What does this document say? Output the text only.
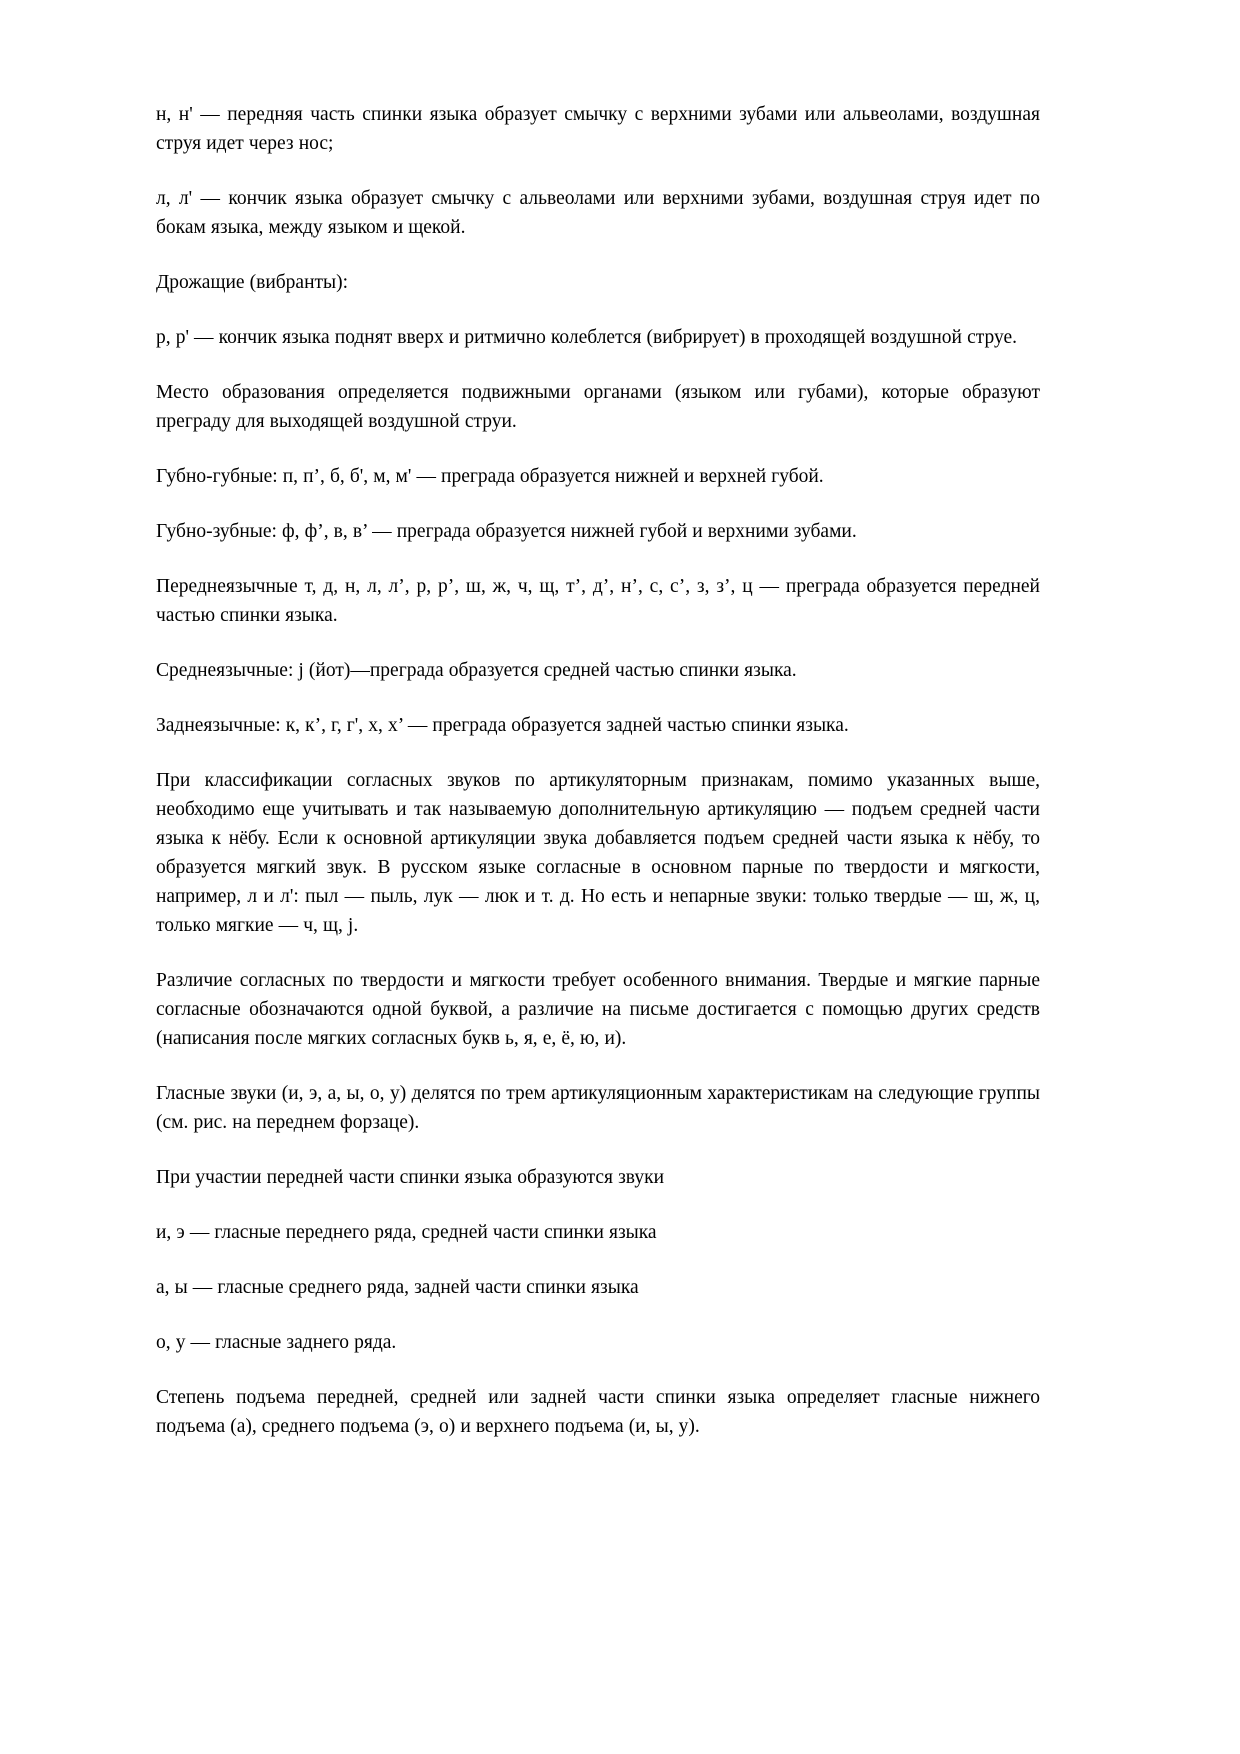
н, н' — передняя часть спинки языка образует смычку с верхними зубами или альвеолами, воздушная струя идет через нос;

л, л' — кончик языка образует смычку с альвеолами или верхними зубами, воздушная струя идет по бокам языка, между языком и щекой.

Дрожащие (вибранты):

р, р' — кончик языка поднят вверх и ритмично колеблется (вибрирует) в проходящей воздушной струе.

Место образования определяется подвижными органами (языком или губами), которые образуют преграду для выходящей воздушной струи.

Губно-губные: п, п’, б, б', м, м' — преграда образуется нижней и верхней губой.

Губно-зубные: ф, ф’, в, в’ — преграда образуется нижней губой и верхними зубами.

Переднеязычные т, д, н, л, л’, р, р’, ш, ж, ч, щ, т’, д’, н’, с, с’, з, з’, ц — преграда образуется передней частью спинки языка.

Среднеязычные: j (йот)—преграда образуется средней частью спинки языка.

Заднеязычные: к, к’, г, г', х, х’ — преграда образуется задней частью спинки языка.

При классификации согласных звуков по артикуляторным признакам, помимо указанных выше, необходимо еще учитывать и так называемую дополнительную артикуляцию — подъем средней части языка к нёбу. Если к основной артикуляции звука добавляется подъем средней части языка к нёбу, то образуется мягкий звук. В русском языке согласные в основном парные по твердости и мягкости, например, л и л': пыл — пыль, лук — люк и т. д. Но есть и непарные звуки: только твердые — ш, ж, ц, только мягкие — ч, щ, j.

Различие согласных по твердости и мягкости требует особенного внимания. Твердые и мягкие парные согласные обозначаются одной буквой, а различие на письме достигается с помощью других средств (написания после мягких согласных букв ь, я, е, ё, ю, и).

Гласные звуки (и, э, а, ы, о, у) делятся по трем артикуляционным характеристикам на следующие группы (см. рис. на переднем форзаце).

При участии передней части спинки языка образуются звуки

и, э — гласные переднего ряда, средней части спинки языка

а, ы — гласные среднего ряда, задней части спинки языка

о, у — гласные заднего ряда.

Степень подъема передней, средней или задней части спинки языка определяет гласные нижнего подъема (а), среднего подъема (э, о) и верхнего подъема (и, ы, у).
